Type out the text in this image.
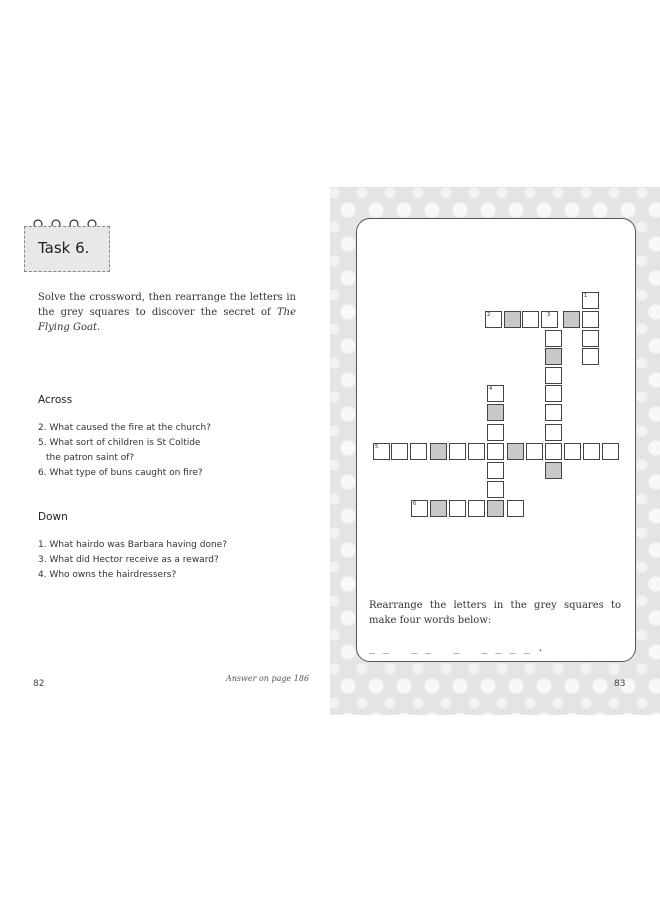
Task 6.
Solve the crossword, then rearrange the letters in the grey squares to discover the secret of The Flying Goat.
Across
2. What caused the fire at the church?
5. What sort of children is St Coltide
the patron saint of?
6. What type of buns caught on fire?
Down
1. What hairdo was Barbara having done?
3. What did Hector receive as a reward?
4. Who owns the hairdressers?
Answer on page 186
82
1
2	3
4
5
6
Rearrange the letters in the grey squares to make four words below:
_ _   _ _   _   _ _ _ _ .
83
